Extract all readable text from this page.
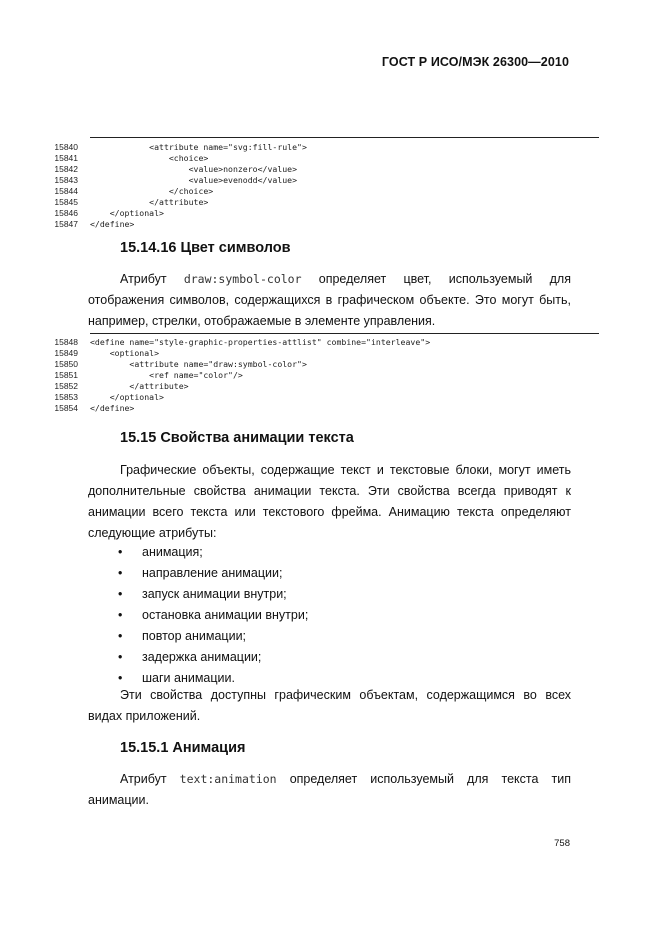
ГОСТ Р ИСО/МЭК 26300—2010
15840 <attribute name="svg:fill-rule">
15841 <choice>
15842 <value>nonzero</value>
15843 <value>evenodd</value>
15844 </choice>
15845 </attribute>
15846 </optional>
15847 </define>
15.14.16 Цвет символов
Атрибут draw:symbol-color определяет цвет, используемый для отображения символов, содержащихся в графическом объекте. Это могут быть, например, стрелки, отображаемые в элементе управления.
15848 <define name="style-graphic-properties-attlist" combine="interleave">
15849 <optional>
15850 <attribute name="draw:symbol-color">
15851 <ref name="color"/>
15852 </attribute>
15853 </optional>
15854 </define>
15.15 Свойства анимации текста
Графические объекты, содержащие текст и текстовые блоки, могут иметь дополнительные свойства анимации текста. Эти свойства всегда приводят к анимации всего текста или текстового фрейма. Анимацию текста определяют следующие атрибуты:
• анимация;
• направление анимации;
• запуск анимации внутри;
• остановка анимации внутри;
• повтор анимации;
• задержка анимации;
• шаги анимации.
Эти свойства доступны графическим объектам, содержащимся во всех видах приложений.
15.15.1 Анимация
Атрибут text:animation определяет используемый для текста тип анимации.
758
